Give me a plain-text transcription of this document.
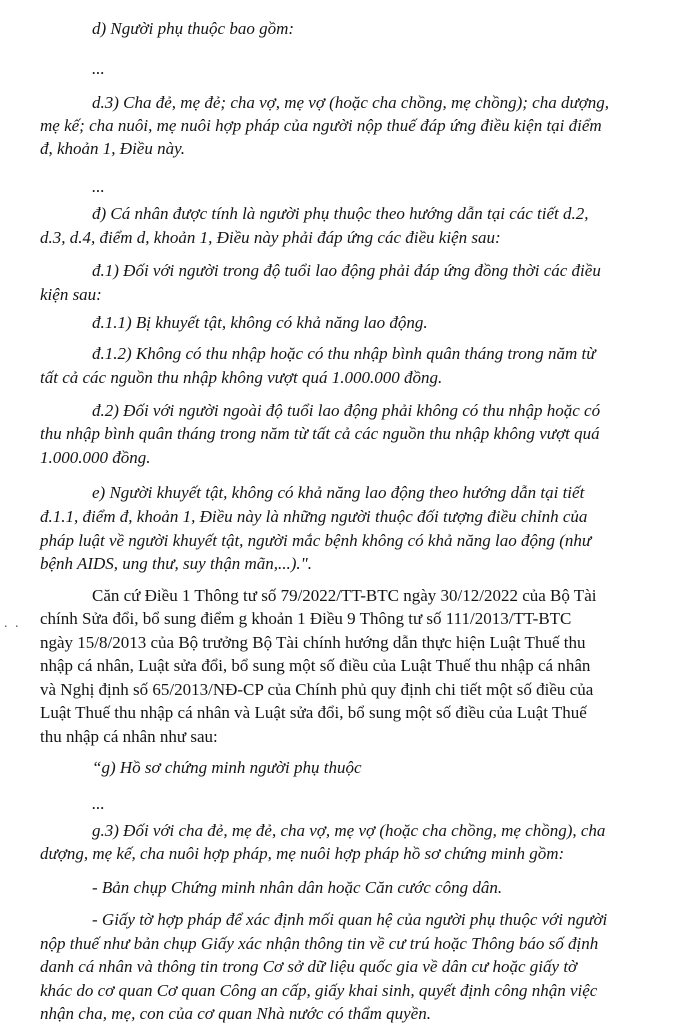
. .
d) Người phụ thuộc bao gồm:
...
d.3) Cha đẻ, mẹ đẻ; cha vợ, mẹ vợ (hoặc cha chồng, mẹ chồng); cha dượng,
mẹ kế; cha nuôi, mẹ nuôi hợp pháp của người nộp thuế đáp ứng điều kiện tại điểm
đ, khoản 1, Điều này.
...
đ) Cá nhân được tính là người phụ thuộc theo hướng dẫn tại các tiết d.2,
d.3, d.4, điểm d, khoản 1, Điều này phải đáp ứng các điều kiện sau:
đ.1) Đối với người trong độ tuổi lao động phải đáp ứng đồng thời các điều
kiện sau:
đ.1.1) Bị khuyết tật, không có khả năng lao động.
đ.1.2) Không có thu nhập hoặc có thu nhập bình quân tháng trong năm từ
tất cả các nguồn thu nhập không vượt quá 1.000.000 đồng.
đ.2) Đối với người ngoài độ tuổi lao động phải không có thu nhập hoặc có
thu nhập bình quân tháng trong năm từ tất cả các nguồn thu nhập không vượt quá
1.000.000 đồng.
e) Người khuyết tật, không có khả năng lao động theo hướng dẫn tại tiết
đ.1.1, điểm đ, khoản 1, Điều này là những người thuộc đối tượng điều chỉnh của
pháp luật về người khuyết tật, người mắc bệnh không có khả năng lao động (như
bệnh AIDS, ung thư, suy thận mãn,...).".
Căn cứ Điều 1 Thông tư số 79/2022/TT-BTC ngày 30/12/2022 của Bộ Tài
chính Sửa đổi, bổ sung điểm g khoản 1 Điều 9 Thông tư số 111/2013/TT-BTC
ngày 15/8/2013 của Bộ trưởng Bộ Tài chính hướng dẫn thực hiện Luật Thuế thu
nhập cá nhân, Luật sửa đổi, bổ sung một số điều của Luật Thuế thu nhập cá nhân
và Nghị định số 65/2013/NĐ-CP của Chính phủ quy định chi tiết một số điều của
Luật Thuế thu nhập cá nhân và Luật sửa đổi, bổ sung một số điều của Luật Thuế
thu nhập cá nhân như sau:
“g) Hồ sơ chứng minh người phụ thuộc
...
g.3) Đối với cha đẻ, mẹ đẻ, cha vợ, mẹ vợ (hoặc cha chồng, mẹ chồng), cha
dượng, mẹ kế, cha nuôi hợp pháp, mẹ nuôi hợp pháp hồ sơ chứng minh gồm:
- Bản chụp Chứng minh nhân dân hoặc Căn cước công dân.
- Giấy tờ hợp pháp để xác định mối quan hệ của người phụ thuộc với người
nộp thuế như bản chụp Giấy xác nhận thông tin về cư trú hoặc Thông báo số định
danh cá nhân và thông tin trong Cơ sở dữ liệu quốc gia về dân cư hoặc giấy tờ
khác do cơ quan Cơ quan Công an cấp, giấy khai sinh, quyết định công nhận việc
nhận cha, mẹ, con của cơ quan Nhà nước có thẩm quyền.
